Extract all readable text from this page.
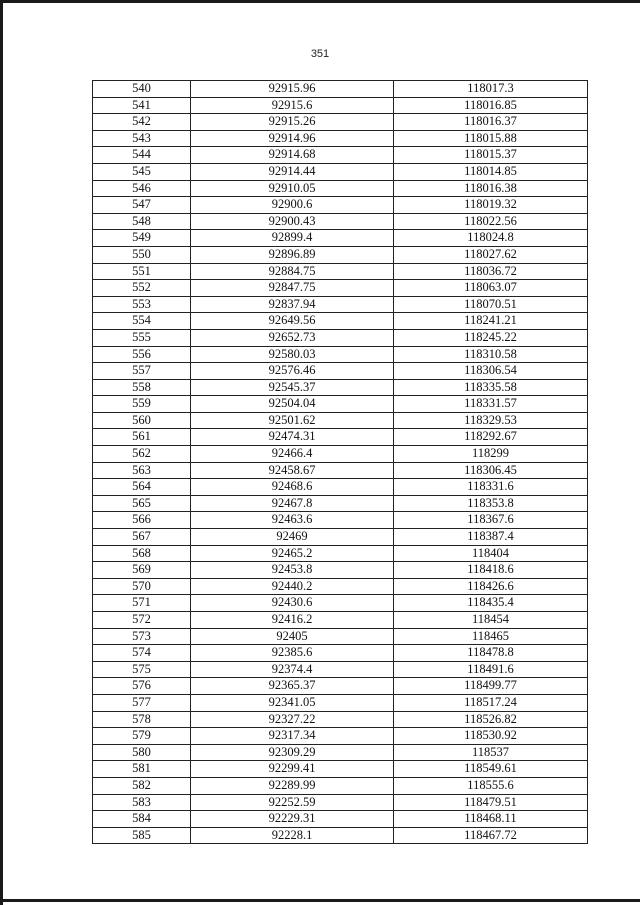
351
540	92915.96	118017.3
541	92915.6	118016.85
542	92915.26	118016.37
543	92914.96	118015.88
544	92914.68	118015.37
545	92914.44	118014.85
546	92910.05	118016.38
547	92900.6	118019.32
548	92900.43	118022.56
549	92899.4	118024.8
550	92896.89	118027.62
551	92884.75	118036.72
552	92847.75	118063.07
553	92837.94	118070.51
554	92649.56	118241.21
555	92652.73	118245.22
556	92580.03	118310.58
557	92576.46	118306.54
558	92545.37	118335.58
559	92504.04	118331.57
560	92501.62	118329.53
561	92474.31	118292.67
562	92466.4	118299
563	92458.67	118306.45
564	92468.6	118331.6
565	92467.8	118353.8
566	92463.6	118367.6
567	92469	118387.4
568	92465.2	118404
569	92453.8	118418.6
570	92440.2	118426.6
571	92430.6	118435.4
572	92416.2	118454
573	92405	118465
574	92385.6	118478.8
575	92374.4	118491.6
576	92365.37	118499.77
577	92341.05	118517.24
578	92327.22	118526.82
579	92317.34	118530.92
580	92309.29	118537
581	92299.41	118549.61
582	92289.99	118555.6
583	92252.59	118479.51
584	92229.31	118468.11
585	92228.1	118467.72
